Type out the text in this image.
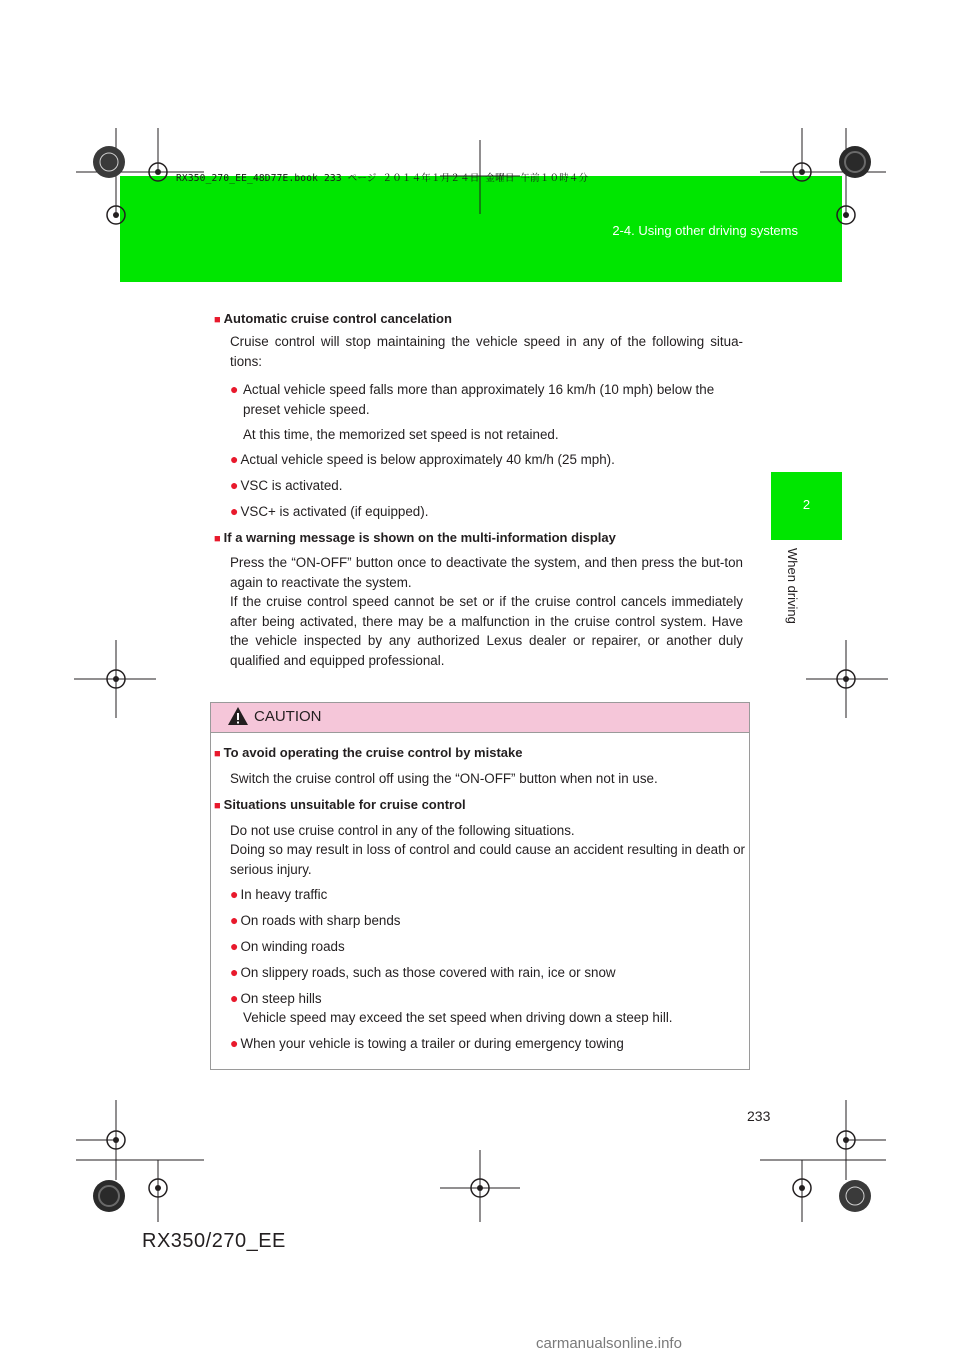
RX350_270_EE_48D77E.book 233 ページ ２０１４年１月２４日 金曜日 午前１０時４分
2-4. Using other driving systems
2
When driving
■ Automatic cruise control cancelation
Cruise control will stop maintaining the vehicle speed in any of the following situa-tions:
● Actual vehicle speed falls more than approximately 16 km/h (10 mph) below the preset vehicle speed.
At this time, the memorized set speed is not retained.
● Actual vehicle speed is below approximately 40 km/h (25 mph).
● VSC is activated.
● VSC+ is activated (if equipped).
■ If a warning message is shown on the multi-information display
Press the “ON-OFF” button once to deactivate the system, and then press the but-ton again to reactivate the system.
If the cruise control speed cannot be set or if the cruise control cancels immediately after being activated, there may be a malfunction in the cruise control system. Have the vehicle inspected by any authorized Lexus dealer or repairer, or another duly qualified and equipped professional.
CAUTION
■ To avoid operating the cruise control by mistake
Switch the cruise control off using the “ON-OFF” button when not in use.
■ Situations unsuitable for cruise control
Do not use cruise control in any of the following situations.
Doing so may result in loss of control and could cause an accident resulting in death or serious injury.
● In heavy traffic
● On roads with sharp bends
● On winding roads
● On slippery roads, such as those covered with rain, ice or snow
● On steep hills
Vehicle speed may exceed the set speed when driving down a steep hill.
● When your vehicle is towing a trailer or during emergency towing
233
RX350/270_EE
carmanualsonline.info
